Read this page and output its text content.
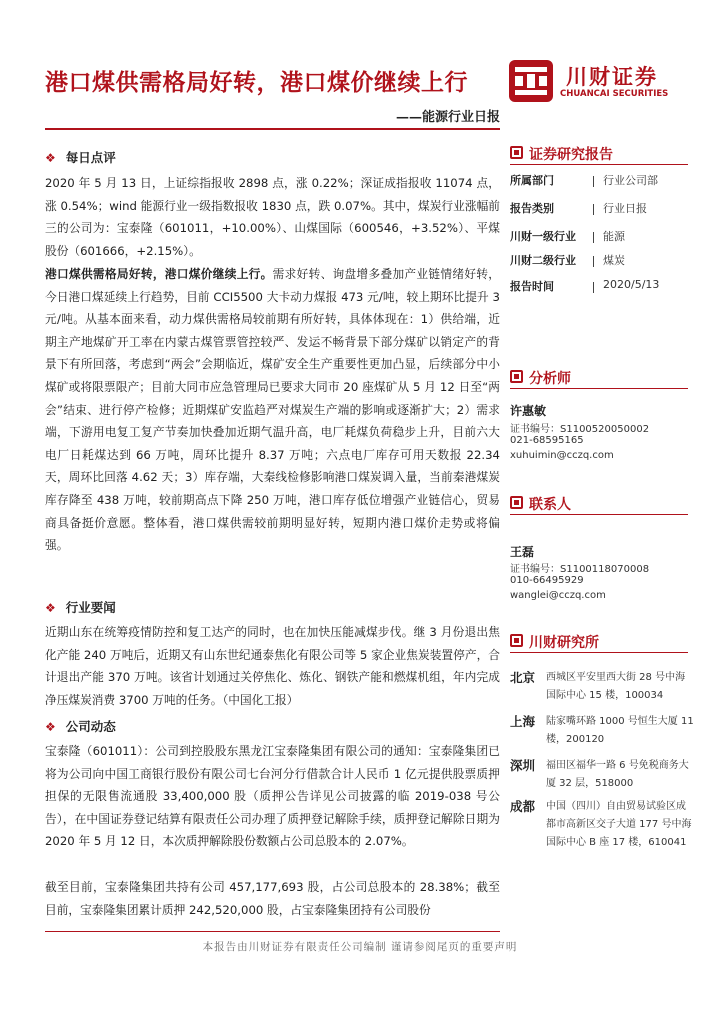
港口煤供需格局好转，港口煤价继续上行
——能源行业日报
川财证券
CHUANCAI SECURITIES
❖ 每日点评

2020 年 5 月 13 日，上证综指报收 2898 点，涨 0.22%；深证成指报收 11074 点，涨 0.54%；wind 能源行业一级指数报收 1830 点，跌 0.07%。其中，煤炭行业涨幅前三的公司为：宝泰隆（601011，+10.00%）、山煤国际（600546，+3.52%）、平煤股份（601666，+2.15%）。

港口煤供需格局好转，港口煤价继续上行。需求好转、询盘增多叠加产业链情绪好转，今日港口煤延续上行趋势，目前 CCI5500 大卡动力煤报 473 元/吨，较上期环比提升 3 元/吨。从基本面来看，动力煤供需格局较前期有所好转，具体体现在：1）供给端，近期主产地煤矿开工率在内蒙古煤管票管控较严、发运不畅背景下部分煤矿以销定产的背景下有所回落，考虑到“两会”会期临近，煤矿安全生产重要性更加凸显，后续部分中小煤矿或将限票限产；目前大同市应急管理局已要求大同市 20 座煤矿从 5 月 12 日至“两会”结束、进行停产检修；近期煤矿安监趋严对煤炭生产端的影响或逐渐扩大；2）需求端，下游用电复工复产节奏加快叠加近期气温升高，电厂耗煤负荷稳步上升，目前六大电厂日耗煤达到 66 万吨，周环比提升 8.37 万吨；六点电厂库存可用天数报 22.34 天，周环比回落 4.62 天；3）库存端，大秦线检修影响港口煤炭调入量，当前秦港煤炭库存降至 438 万吨，较前期高点下降 250 万吨，港口库存低位增强产业链信心，贸易商具备挺价意愿。整体看，港口煤供需较前期明显好转，短期内港口煤价走势或将偏强。

❖ 行业要闻

近期山东在统筹疫情防控和复工达产的同时，也在加快压能减煤步伐。继 3 月份退出焦化产能 240 万吨后，近期又有山东世纪通泰焦化有限公司等 5 家企业焦炭装置停产，合计退出产能 370 万吨。该省计划通过关停焦化、炼化、钢铁产能和燃煤机组，年内完成净压煤炭消费 3700 万吨的任务。（中国化工报）

❖ 公司动态

宝泰隆（601011）：公司到控股股东黑龙江宝泰隆集团有限公司的通知：宝泰隆集团已将为公司向中国工商银行股份有限公司七台河分行借款合计人民币 1 亿元提供股票质押担保的无限售流通股 33,400,000 股（质押公告详见公司披露的临 2019-038 号公告），在中国证券登记结算有限责任公司办理了质押登记解除手续，质押登记解除日期为 2020 年 5 月 12 日，本次质押解除股份数额占公司总股本的 2.07%。

截至目前，宝泰隆集团共持有公司 457,177,693 股，占公司总股本的 28.38%；截至目前，宝泰隆集团累计质押 242,520,000 股，占宝泰隆集团持有公司股份

本报告由川财证券有限责任公司编制 谨请参阅尾页的重要声明
证券研究报告
所属部门	行业公司部
报告类别	行业日报
川财一级行业 能源
川财二级行业 煤炭
报告时间	2020/5/13
分析师
许惠敏
证书编号：S1100520050002
021-68595165
xuhuimin@cczq.com
联系人
王磊
证书编号：S1100118070008
010-66495929
wanglei@cczq.com
川财研究所
北京 西城区平安里西大街 28 号中海国际中心 15 楼，100034
上海 陆家嘴环路 1000 号恒生大厦 11 楼，200120
深圳 福田区福华一路 6 号免税商务大厦 32 层，518000
成都 中国（四川）自由贸易试验区成都市高新区交子大道 177 号中海国际中心 B 座 17 楼，610041
